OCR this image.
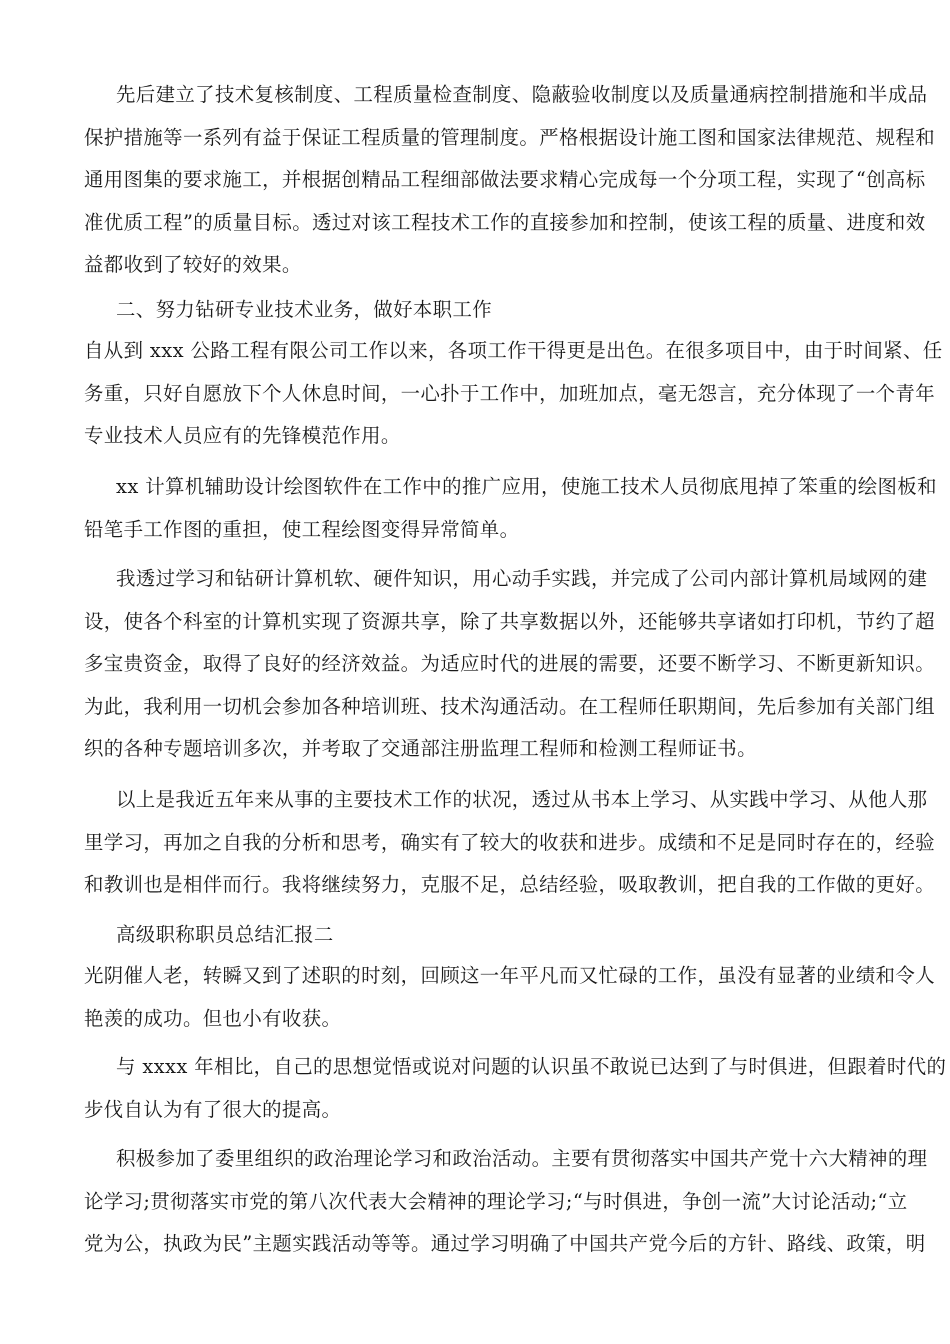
先后建立了技术复核制度、工程质量检查制度、隐蔽验收制度以及质量通病控制措施和半成品
保护措施等一系列有益于保证工程质量的管理制度。严格根据设计施工图和国家法律规范、规程和
通用图集的要求施工，并根据创精品工程细部做法要求精心完成每一个分项工程，实现了“创高标
准优质工程”的质量目标。透过对该工程技术工作的直接参加和控制，使该工程的质量、进度和效
益都收到了较好的效果。
二、努力钻研专业技术业务，做好本职工作
自从到 xxx 公路工程有限公司工作以来，各项工作干得更是出色。在很多项目中，由于时间紧、任
务重，只好自愿放下个人休息时间，一心扑于工作中，加班加点，毫无怨言，充分体现了一个青年
专业技术人员应有的先锋模范作用。
xx 计算机辅助设计绘图软件在工作中的推广应用，使施工技术人员彻底甩掉了笨重的绘图板和
铅笔手工作图的重担，使工程绘图变得异常简单。
我透过学习和钻研计算机软、硬件知识，用心动手实践，并完成了公司内部计算机局域网的建
设，使各个科室的计算机实现了资源共享，除了共享数据以外，还能够共享诸如打印机，节约了超
多宝贵资金，取得了良好的经济效益。为适应时代的进展的需要，还要不断学习、不断更新知识。
为此，我利用一切机会参加各种培训班、技术沟通活动。在工程师任职期间，先后参加有关部门组
织的各种专题培训多次，并考取了交通部注册监理工程师和检测工程师证书。
以上是我近五年来从事的主要技术工作的状况，透过从书本上学习、从实践中学习、从他人那
里学习，再加之自我的分析和思考，确实有了较大的收获和进步。成绩和不足是同时存在的，经验
和教训也是相伴而行。我将继续努力，克服不足，总结经验，吸取教训，把自我的工作做的更好。
高级职称职员总结汇报二
光阴催人老，转瞬又到了述职的时刻，回顾这一年平凡而又忙碌的工作，虽没有显著的业绩和令人
艳羡的成功。但也小有收获。
与 xxxx 年相比，自己的思想觉悟或说对问题的认识虽不敢说已达到了与时俱进，但跟着时代的
步伐自认为有了很大的提高。
积极参加了委里组织的政治理论学习和政治活动。主要有贯彻落实中国共产党十六大精神的理
论学习;贯彻落实市党的第八次代表大会精神的理论学习;“与时俱进，争创一流”大讨论活动;“立
党为公，执政为民”主题实践活动等等。通过学习明确了中国共产党今后的方针、路线、政策，明
